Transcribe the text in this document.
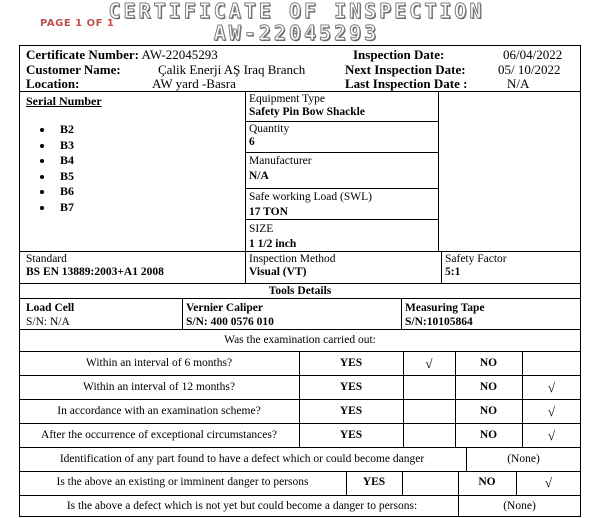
PAGE 1 OF 1
CERTIFICATE OF INSPECTION
AW-22045293
Certificate Number: AW-22045293
Customer Name:	Çalik Enerji AŞ Iraq Branch
Location:	AW yard -Basra
Inspection Date:	06/04/2022
Next Inspection Date: 05/ 10/2022
Last Inspection Date :	N/A
Serial Number
• B2
• B3
• B4
• B5
• B6
• B7
Equipment Type
Safety Pin Bow Shackle
Quantity
6
Manufacturer
N/A
Safe working Load (SWL)
17 TON
SIZE
1 1/2 inch
Standard
BS EN 13889:2003+A1 2008
Inspection Method
Visual (VT)
Safety Factor
5:1
Tools Details
Load Cell
S/N: N/A
Vernier Caliper
S/N: 400 0576 010
Measuring Tape
S/N:10105864
Was the examination carried out:
Within an interval of 6 months?	YES	√	NO
Within an interval of 12 months?	YES	NO	√
In accordance with an examination scheme?	YES	NO	√
After the occurrence of exceptional circumstances?	YES	NO	√
Identification of any part found to have a defect which or could become danger	(None)
Is the above an existing or imminent danger to persons	YES	NO	√
Is the above a defect which is not yet but could become a danger to persons:	(None)
